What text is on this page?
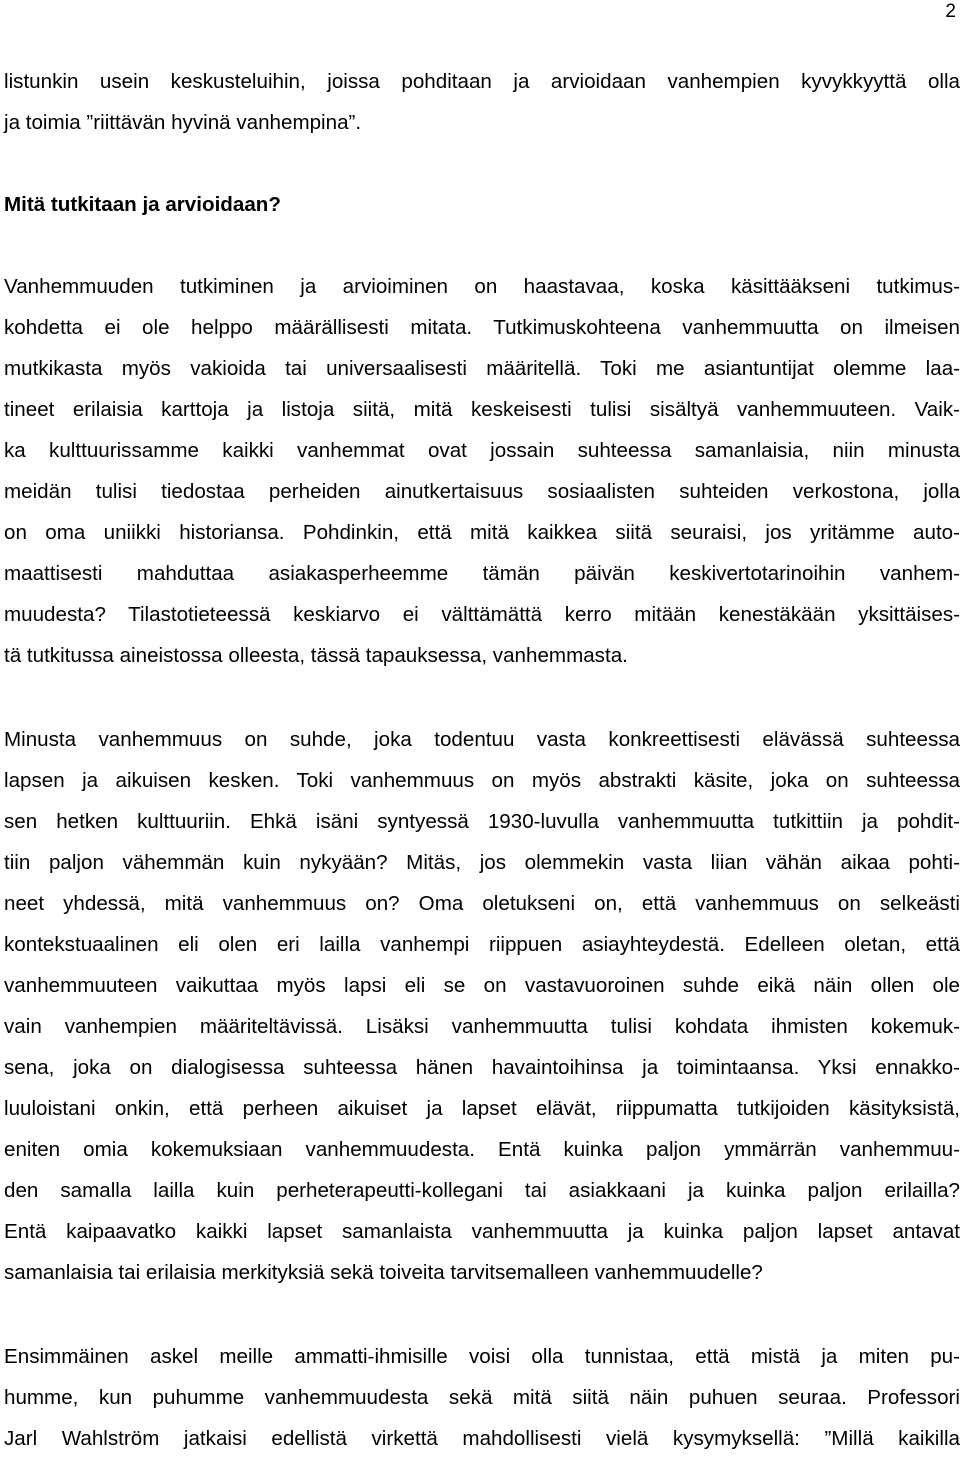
2
listunkin usein keskusteluihin, joissa pohditaan ja arvioidaan vanhempien kyvykkyyttä olla
ja toimia ”riittävän hyvinä vanhempina”.
Mitä tutkitaan ja arvioidaan?
Vanhemmuuden tutkiminen ja arvioiminen on haastavaa, koska käsittääkseni tutkimus-
kohdetta ei ole helppo määrällisesti mitata. Tutkimuskohteena vanhemmuutta on ilmeisen
mutkikasta myös vakioida tai universaalisesti määritellä. Toki me asiantuntijat olemme laa-
tineet erilaisia karttoja ja listoja siitä, mitä keskeisesti tulisi sisältyä vanhemmuuteen. Vaik-
ka kulttuurissamme kaikki vanhemmat ovat jossain suhteessa samanlaisia, niin minusta
meidän tulisi tiedostaa perheiden ainutkertaisuus sosiaalisten suhteiden verkostona, jolla
on oma uniikki historiansa. Pohdinkin, että mitä kaikkea siitä seuraisi, jos yritämme auto-
maattisesti mahduttaa asiakasperheemme tämän päivän keskivertotarinoihin vanhem-
muudesta? Tilastotieteessä keskiarvo ei välttämättä kerro mitään kenestäkään yksittäises-
tä tutkitussa aineistossa olleesta, tässä tapauksessa, vanhemmasta.
Minusta vanhemmuus on suhde, joka todentuu vasta konkreettisesti elävässä suhteessa
lapsen ja aikuisen kesken. Toki vanhemmuus on myös abstrakti käsite, joka on suhteessa
sen hetken kulttuuriin. Ehkä isäni syntyessä 1930-luvulla vanhemmuutta tutkittiin ja pohdit-
tiin paljon vähemmän kuin nykyään? Mitäs, jos olemmekin vasta liian vähän aikaa pohti-
neet yhdessä, mitä vanhemmuus on? Oma oletukseni on, että vanhemmuus on selkeästi
kontekstuaalinen eli olen eri lailla vanhempi riippuen asiayhteydestä. Edelleen oletan, että
vanhemmuuteen vaikuttaa myös lapsi eli se on vastavuoroinen suhde eikä näin ollen ole
vain vanhempien määriteltävissä. Lisäksi vanhemmuutta tulisi kohdata ihmisten kokemuk-
sena, joka on dialogisessa suhteessa hänen havaintoihinsa ja toimintaansa. Yksi ennakko-
luuloistani onkin, että perheen aikuiset ja lapset elävät, riippumatta tutkijoiden käsityksistä,
eniten omia kokemuksiaan vanhemmuudesta. Entä kuinka paljon ymmärrän vanhemmuu-
den samalla lailla kuin perheterapeutti-kollegani tai asiakkaani ja kuinka paljon erilailla?
Entä kaipaavatko kaikki lapset samanlaista vanhemmuutta ja kuinka paljon lapset antavat
samanlaisia tai erilaisia merkityksiä sekä toiveita tarvitsemalleen vanhemmuudelle?
Ensimmäinen askel meille ammatti-ihmisille voisi olla tunnistaa, että mistä ja miten pu-
humme, kun puhumme vanhemmuudesta sekä mitä siitä näin puhuen seuraa. Professori
Jarl Wahlström jatkaisi edellistä virkettä mahdollisesti vielä kysymyksellä: ”Millä kaikilla
